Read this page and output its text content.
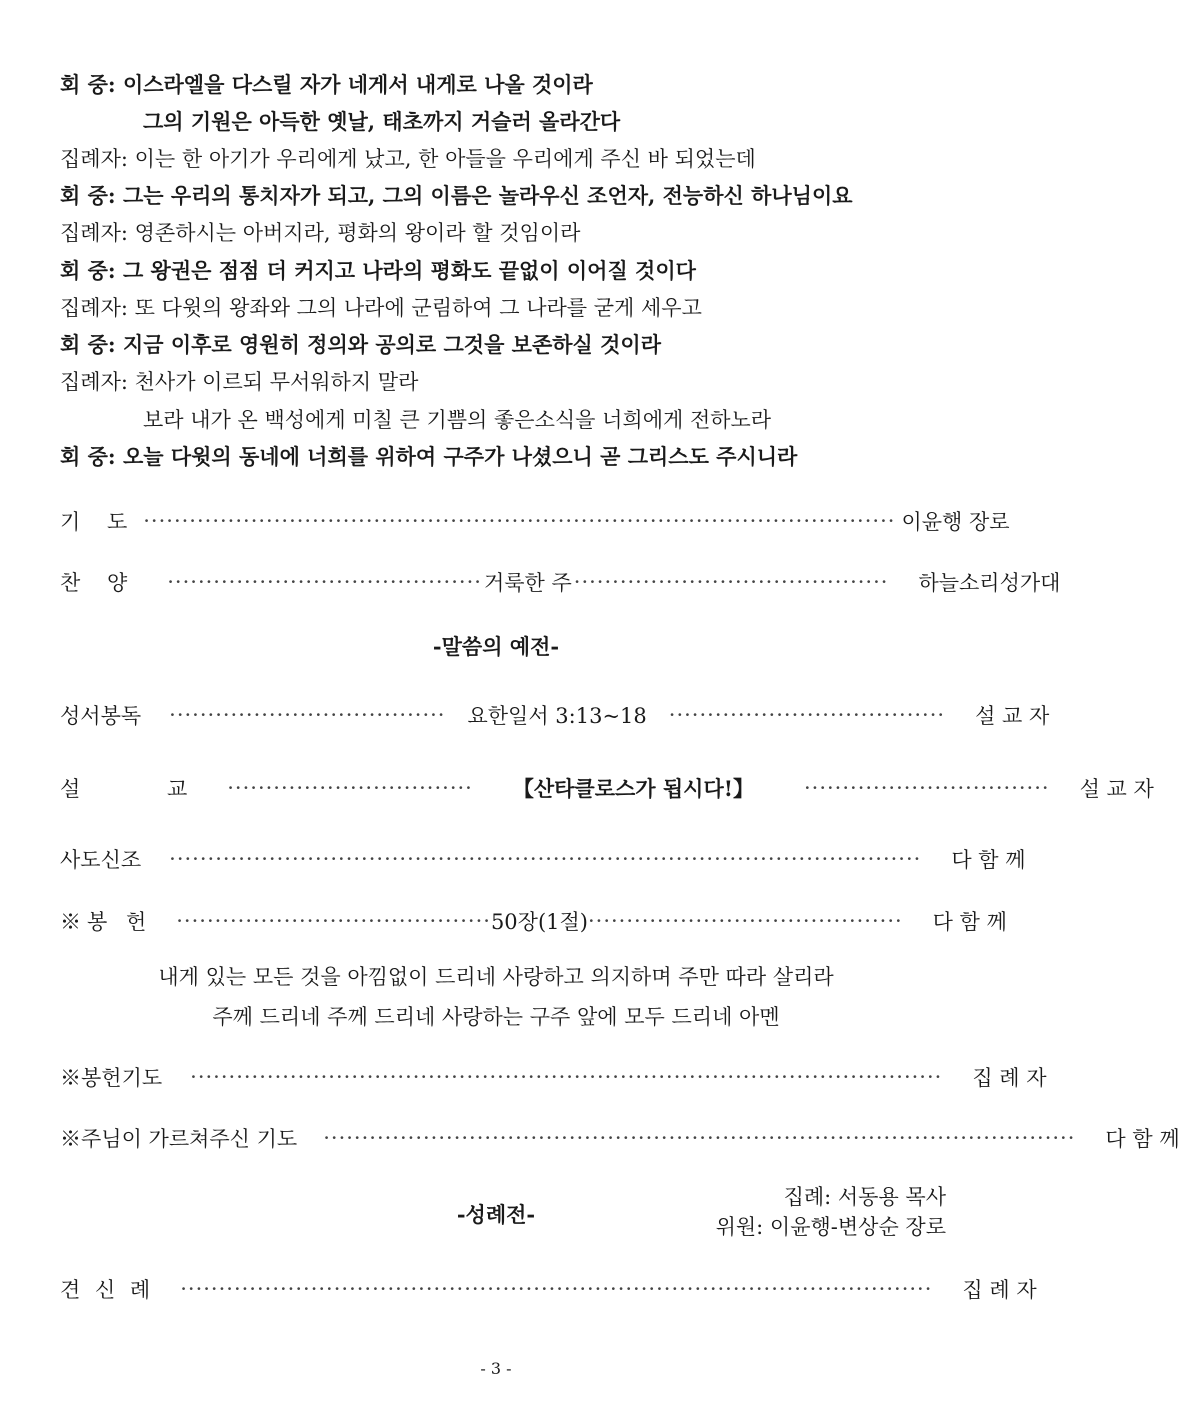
회 중: 이스라엘을 다스릴 자가 네게서 내게로 나올 것이라
그의 기원은 아득한 옛날, 태초까지 거슬러 올라간다
집례자: 이는 한 아기가 우리에게 났고, 한 아들을 우리에게 주신 바 되었는데
회 중: 그는 우리의 통치자가 되고, 그의 이름은 놀라우신 조언자, 전능하신 하나님이요
집례자: 영존하시는 아버지라, 평화의 왕이라 할 것임이라
회 중: 그 왕권은 점점 더 커지고 나라의 평화도 끝없이 이어질 것이다
집례자: 또 다윗의 왕좌와 그의 나라에 군림하여 그 나라를 굳게 세우고
회 중: 지금 이후로 영원히 정의와 공의로 그것을 보존하실 것이라
집례자: 천사가 이르되 무서워하지 말라
보라 내가 온 백성에게 미칠 큰 기쁨의 좋은소식을 너희에게 전하노라
회 중: 오늘 다윗의 동네에 너희를 위하여 구주가 나셨으니 곧 그리스도 주시니라
기 도 ·································································································· 이윤행 장로
찬 양 ········································· 거룩한 주 ········································· 하늘소리성가대
-말씀의 예전-
성서봉독 ···································· 요한일서 3:13~18 ···································· 설 교 자
설 교 ································ 【산타클로스가 됩시다!】 ································ 설 교 자
사도신조 ·································································································· 다 함 께
※봉 헌 ········································· 50장(1절) ········································· 다 함 께
내게 있는 모든 것을 아낌없이 드리네 사랑하고 의지하며 주만 따라 살리라
주께 드리네 주께 드리네 사랑하는 구주 앞에 모두 드리네 아멘
※봉헌기도 ·································································································· 집 례 자
※주님이 가르쳐주신 기도 ·································································································· 다 함 께
-성례전-
집례: 서동용 목사
위원: 이윤행-변상순 장로
견 신 례 ·································································································· 집 례 자
- 3 -
